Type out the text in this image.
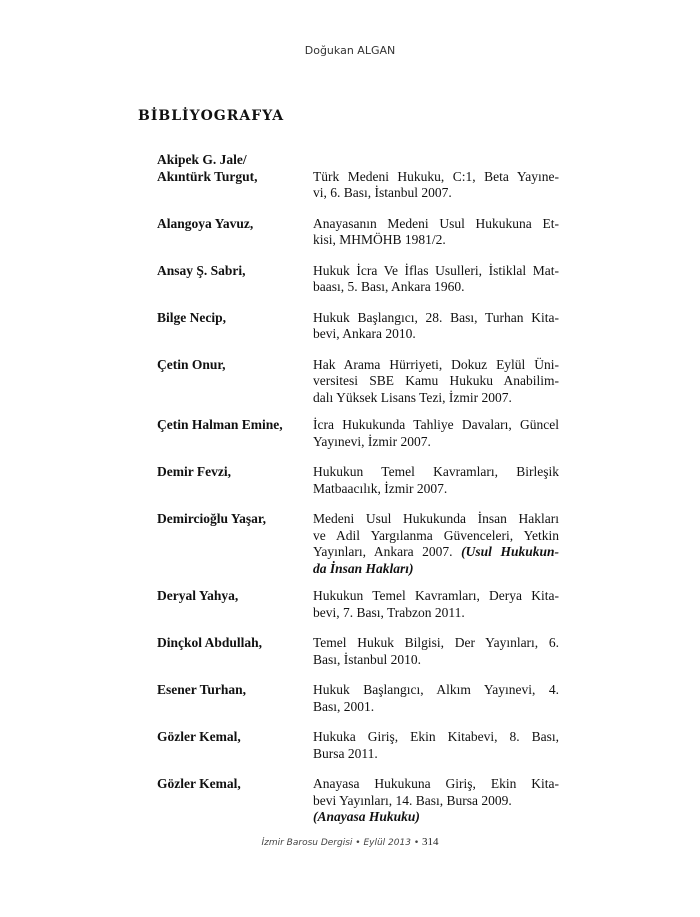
Doğukan ALGAN
BİBLİYOGRAFYA
Akipek G. Jale/
Akıntürk Turgut,
	Türk Medeni Hukuku, C:1, Beta Yayıne-
vi, 6. Bası, İstanbul 2007.
Alangoya Yavuz,	Anayasanın Medeni Usul Hukukuna Et-
kisi, MHMÖHB 1981/2.
Ansay Ş. Sabri,	Hukuk İcra Ve İflas Usulleri, İstiklal Mat-
baası, 5. Bası, Ankara 1960.
Bilge Necip,	Hukuk Başlangıcı, 28. Bası, Turhan Kita-
bevi, Ankara 2010.
Çetin Onur,	Hak Arama Hürriyeti, Dokuz Eylül Üni-
versitesi SBE Kamu Hukuku Anabilim-
dalı Yüksek Lisans Tezi, İzmir 2007.
Çetin Halman Emine,	İcra Hukukunda Tahliye Davaları, Güncel
Yayınevi, İzmir 2007.
Demir Fevzi,	Hukukun Temel Kavramları, Birleşik
Matbaacılık, İzmir 2007.
Demircioğlu Yaşar,	Medeni Usul Hukukunda İnsan Hakları
ve Adil Yargılanma Güvenceleri, Yetkin
Yayınları, Ankara 2007. (Usul Hukukun-
da İnsan Hakları)
Deryal Yahya,	Hukukun Temel Kavramları, Derya Kita-
bevi, 7. Bası, Trabzon 2011.
Dinçkol Abdullah,	Temel Hukuk Bilgisi, Der Yayınları, 6.
Bası, İstanbul 2010.
Esener Turhan,	Hukuk Başlangıcı, Alkım Yayınevi, 4.
Bası, 2001.
Gözler Kemal,	Hukuka Giriş, Ekin Kitabevi, 8. Bası,
Bursa 2011.
Gözler Kemal,	Anayasa Hukukuna Giriş, Ekin Kita-
bevi Yayınları, 14. Bası, Bursa 2009.
(Anayasa Hukuku)
İzmir Barosu Dergisi • Eylül 2013 • 314
